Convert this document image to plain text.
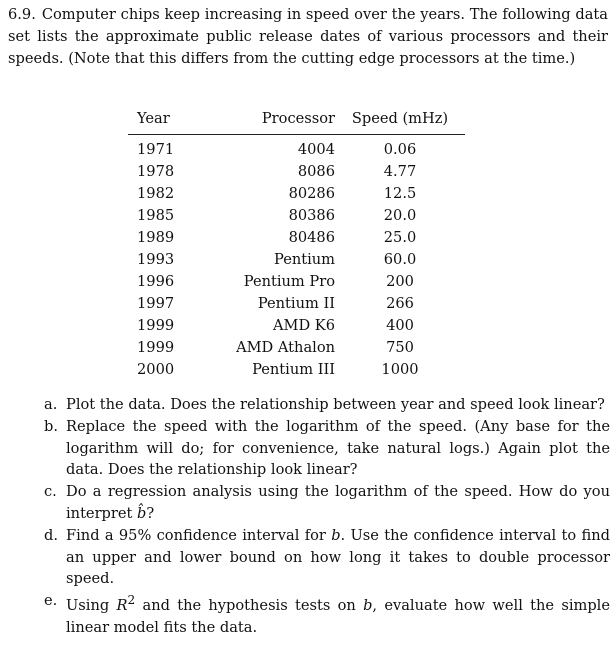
6.9. Computer chips keep increasing in speed over the years. The following data set lists the approximate public release dates of various processors and their speeds. (Note that this differs from the cutting edge processors at the time.)
Year	Processor	Speed (mHz)
1971	4004	0.06
1978	8086	4.77
1982	80286	12.5
1985	80386	20.0
1989	80486	25.0
1993	Pentium	60.0
1996	Pentium Pro	200
1997	Pentium II	266
1999	AMD K6	400
1999	AMD Athalon	750
2000	Pentium III	1000
a. Plot the data. Does the relationship between year and speed look linear?
b. Replace the speed with the logarithm of the speed. (Any base for the logarithm will do; for convenience, take natural logs.) Again plot the data. Does the relationship look linear?
c. Do a regression analysis using the logarithm of the speed. How do you interpret b̂?
d. Find a 95% confidence interval for b. Use the confidence interval to find an upper and lower bound on how long it takes to double processor speed.
e. Using $R^2$ and the hypothesis tests on b, evaluate how well the simple linear model fits the data.
